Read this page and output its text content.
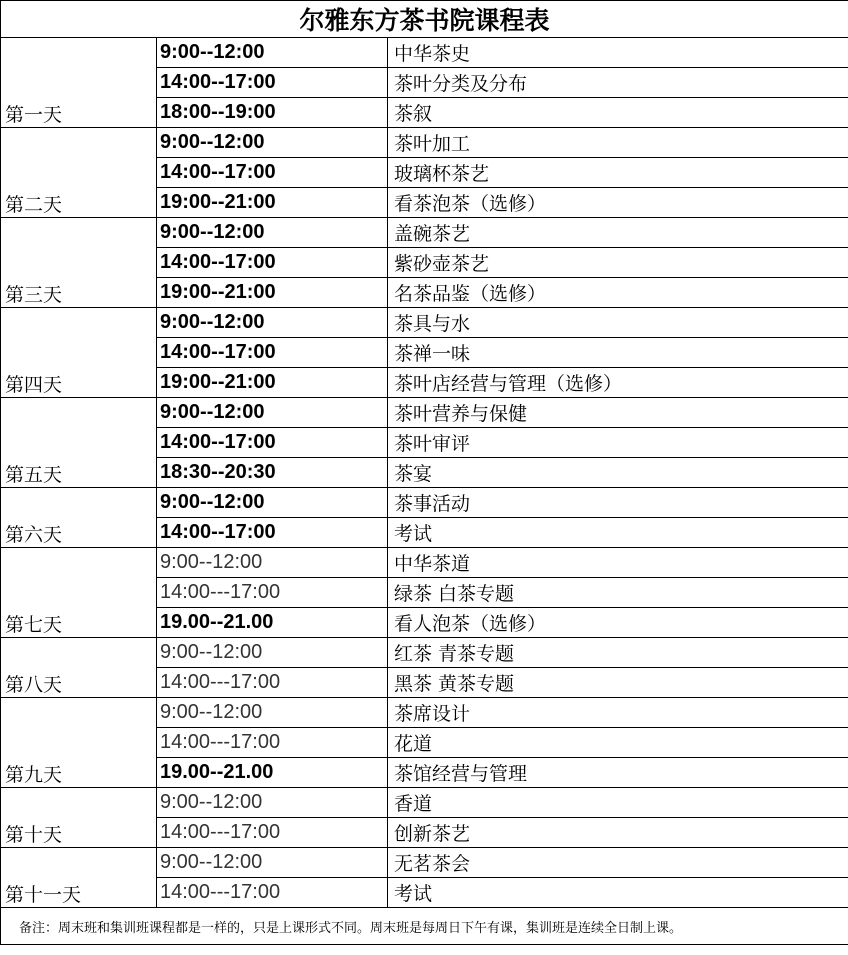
尔雅东方茶书院课程表		
第一天	9:00--12:00	中华茶史
	14:00--17:00	茶叶分类及分布
	18:00--19:00	茶叙
第二天	9:00--12:00	茶叶加工
	14:00--17:00	玻璃杯茶艺
	19:00--21:00	看茶泡茶（选修）
第三天	9:00--12:00	盖碗茶艺
	14:00--17:00	紫砂壶茶艺
	19:00--21:00	名茶品鉴（选修）
第四天	9:00--12:00	茶具与水
	14:00--17:00	茶禅一味
	19:00--21:00	茶叶店经营与管理（选修）
第五天	9:00--12:00	茶叶营养与保健
	14:00--17:00	茶叶审评
	18:30--20:30	茶宴
第六天	9:00--12:00	茶事活动
	14:00--17:00	考试
第七天	9:00--12:00	中华茶道
	14:00---17:00	绿茶 白茶专题
	19.00--21.00	看人泡茶（选修）
第八天	9:00--12:00	红茶 青茶专题
	14:00---17:00	黑茶 黄茶专题
第九天	9:00--12:00	茶席设计
	14:00---17:00	花道
	19.00--21.00	茶馆经营与管理
第十天	9:00--12:00	香道
	14:00---17:00	创新茶艺
第十一天	9:00--12:00	无茗茶会
	14:00---17:00	考试
备注：周末班和集训班课程都是一样的，只是上课形式不同。周末班是每周日下午有课，集训班是连续全日制上课。		
